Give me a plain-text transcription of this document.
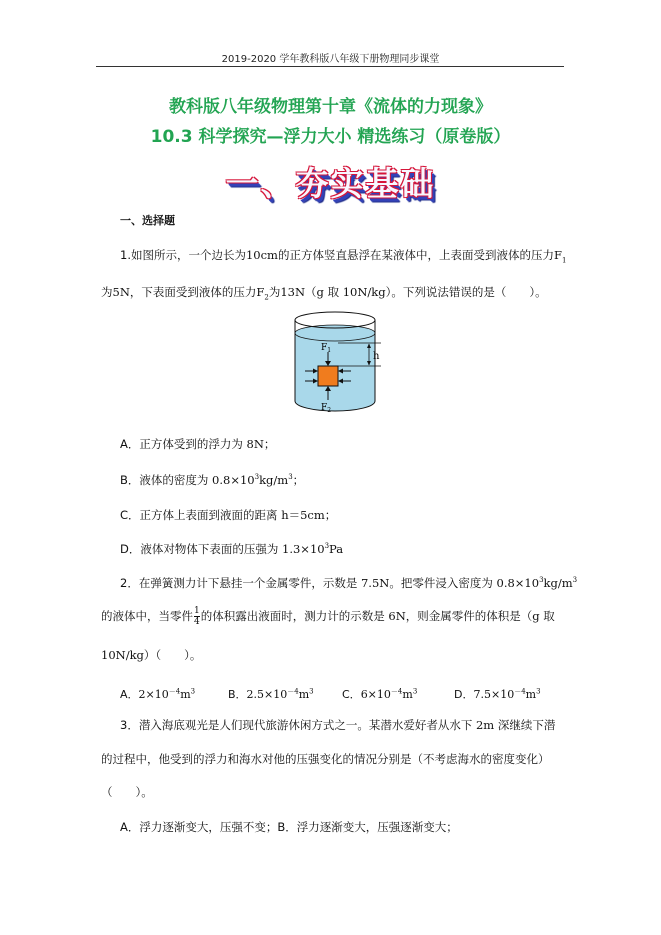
2019-2020 学年教科版八年级下册物理同步课堂
教科版八年级物理第十章《流体的力现象》
10.3 科学探究—浮力大小 精选练习（原卷版）
一、夯实基础
一、选择题
1.如图所示，一个边长为10cm的正方体竖直悬浮在某液体中，上表面受到液体的压力$F_1$
为5N，下表面受到液体的压力$F_2$为13N（g 取 10N/kg）。下列说法错误的是（　　）。
$F_1$
$F_2$
h
A．正方体受到的浮力为 8N；
B．液体的密度为 $0.8\times 10^3kg/m^3$；
C．正方体上表面到液面的距离 h＝5cm；
D．液体对物体下表面的压强为 $1.3\times 10^3Pa$
2．在弹簧测力计下悬挂一个金属零件，示数是 7.5N。把零件浸入密度为 $0.8\times 10^3kg/m^3$
的液体中，当零件 $\frac{1}{4}$ 的体积露出液面时，测力计的示数是 6N，则金属零件的体积是（g 取
10N/kg）（　　）。
A．$2\times 10^{-4}m^3$	B．$2.5\times 10^{-4}m^3$	C．$6\times 10^{-4}m^3$	D．$7.5\times 10^{-4}m^3$
3．潜入海底观光是人们现代旅游休闲方式之一。某潜水爱好者从水下 2m 深继续下潜
的过程中，他受到的浮力和海水对他的压强变化的情况分别是（不考虑海水的密度变化）
（　　）。
A．浮力逐渐变大，压强不变；B．浮力逐渐变大，压强逐渐变大；
